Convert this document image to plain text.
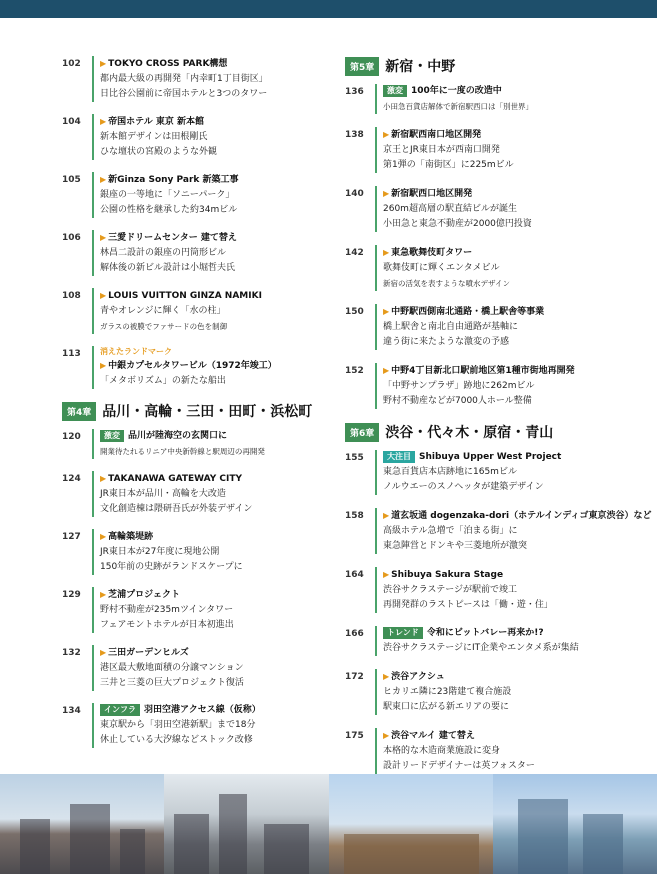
102	▶ TOKYO CROSS PARK構想
都内最大級の再開発「内幸町1丁目街区」
日比谷公園前に帝国ホテルと3つのタワー
104	▶ 帝国ホテル 東京 新本館
新本館デザインは田根剛氏
ひな壇状の宮殿のような外観
105	▶ 新Ginza Sony Park 新築工事
銀座の一等地に「ソニーパーク」
公園の性格を継承した約34mビル
106	▶ 三愛ドリームセンター 建て替え
林昌二設計の銀座の円筒形ビル
解体後の新ビル設計は小堀哲夫氏
108	▶ LOUIS VUITTON GINZA NAMIKI
青やオレンジに輝く「水の柱」
ガラスの被膜でファサードの色を制御
113	消えたランドマーク
▶ 中銀カプセルタワービル（1972年竣工）
「メタボリズム」の新たな船出
第4章 品川・高輪・三田・田町・浜松町
120	激変 品川が陸海空の玄関口に
開業待たれるリニア中央新幹線と駅周辺の再開発
124	▶ TAKANAWA GATEWAY CITY
JR東日本が品川・高輪を大改造
文化創造棟は隈研吾氏が外装デザイン
127	▶ 高輪築堤跡
JR東日本が27年度に現地公開
150年前の史跡がランドスケープに
129	▶ 芝浦プロジェクト
野村不動産が235mツインタワー
フェアモントホテルが日本初進出
132	▶ 三田ガーデンヒルズ
港区最大敷地面積の分譲マンション
三井と三菱の巨大プロジェクト復活
134	インフラ 羽田空港アクセス線（仮称）
東京駅から「羽田空港新駅」まで18分
休止している大汐線などストック改修
第5章 新宿・中野
136	激変 100年に一度の改造中
小田急百貨店解体で新宿駅西口は「別世界」
138	▶ 新宿駅西南口地区開発
京王とJR東日本が西南口開発
第1弾の「南街区」に225mビル
140	▶ 新宿駅西口地区開発
260m超高層の駅直結ビルが誕生
小田急と東急不動産が2000億円投資
142	▶ 東急歌舞伎町タワー
歌舞伎町に輝くエンタメビル
新宿の活気を表すような噴水デザイン
150	▶ 中野駅西側南北通路・橋上駅舎等事業
橋上駅舎と南北自由通路が基軸に
違う街に来たような激変の予感
152	▶ 中野4丁目新北口駅前地区第1種市街地再開発
「中野サンプラザ」跡地に262mビル
野村不動産などが7000人ホール整備
第6章 渋谷・代々木・原宿・青山
155	大注目 Shibuya Upper West Project
東急百貨店本店跡地に165mビル
ノルウエーのスノヘッタが建築デザイン
158	▶ 道玄坂通 dogenzaka-dori（ホテルインディゴ東京渋谷）など
高級ホテル急増で「泊まる街」に
東急陣営とドンキや三菱地所が激突
164	▶ Shibuya Sakura Stage
渋谷サクラステージが駅前で竣工
再開発群のラストピースは「働・遊・住」
166	トレンド 令和にビットバレー再来か!?
渋谷サクラステージにIT企業やエンタメ系が集結
172	▶ 渋谷アクシュ
ヒカリエ隣に23階建て複合施設
駅東口に広がる新エリアの要に
175	▶ 渋谷マルイ 建て替え
本格的な木造商業施設に変身
設計リードデザイナーは英フォスター
